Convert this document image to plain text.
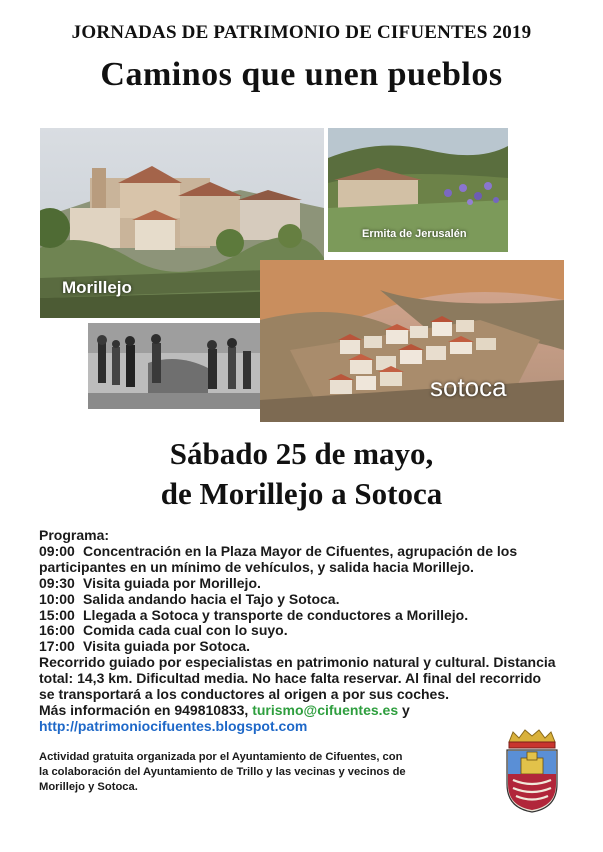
JORNADAS DE PATRIMONIO DE CIFUENTES 2019
Caminos que unen pueblos
Morillejo
Ermita de Jerusalén
sotoca
Sábado 25 de mayo,
de Morillejo a Sotoca
Programa:
09:00 Concentración en la Plaza Mayor de Cifuentes, agrupación de los
participantes en un mínimo de vehículos, y salida hacia Morillejo.
09:30 Visita guiada por Morillejo.
10:00 Salida andando hacia el Tajo y Sotoca.
15:00 Llegada a Sotoca y transporte de conductores a Morillejo.
16:00 Comida cada cual con lo suyo.
17:00 Visita guiada por Sotoca.
Recorrido guiado por especialistas en patrimonio natural y cultural. Distancia
total: 14,3 km. Dificultad media. No hace falta reservar. Al final del recorrido
se transportará a los conductores al origen a por sus coches.
Más información en 949810833, turismo@cifuentes.es y
http://patrimoniocifuentes.blogspot.com
Actividad gratuita organizada por el Ayuntamiento de Cifuentes, con
la colaboración del Ayuntamiento de Trillo y las vecinas y vecinos de
Morillejo y Sotoca.
